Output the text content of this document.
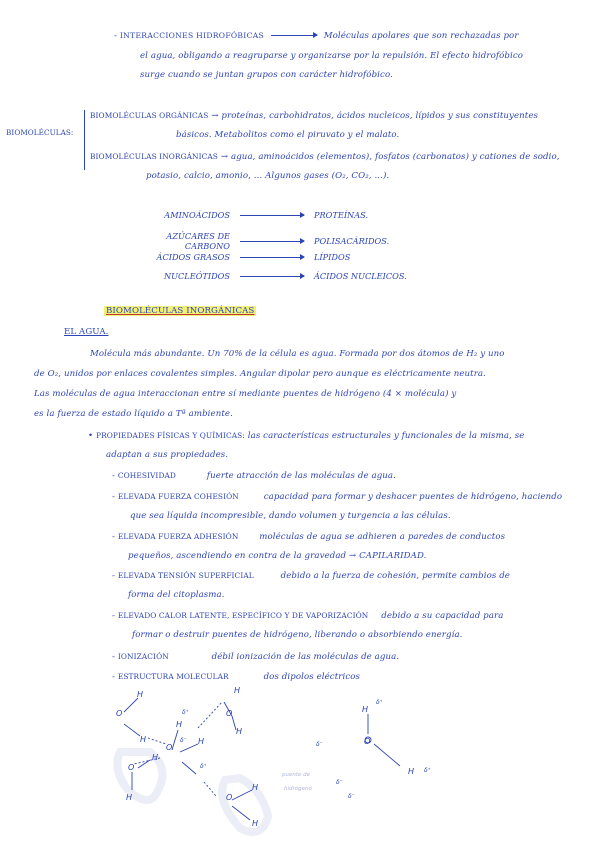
- INTERACCIONES HIDROFÓBICAS	Moléculas apolares que son rechazadas por
el agua, obligando a reagruparse y organizarse por la repulsión. El efecto hidrofóbico
surge cuando se juntan grupos con carácter hidrofóbico.
BIOMOLÉCULAS:
BIOMOLÉCULAS ORGÁNICAS → proteínas, carbohidratos, ácidos nucleicos, lípidos y sus constituyentes
básicos. Metabolitos como el piruvato y el malato.
BIOMOLÉCULAS INORGÁNICAS → agua, aminoácidos (elementos), fosfatos (carbonatos) y cationes de sodio,
potasio, calcio, amonio, ... Algunos gases (O₂, CO₂, ...).
AMINOÁCIDOS	PROTEÍNAS.
AZÚCARES DE CARBONO	POLISACÁRIDOS.
ÁCIDOS GRASOS	LÍPIDOS
NUCLEÓTIDOS	ÁCIDOS NUCLEICOS.
BIOMOLÉCULAS INORGÁNICAS
EL AGUA.
Molécula más abundante. Un 70% de la célula es agua. Formada por dos átomos de H₂ y uno
de O₂, unidos por enlaces covalentes simples. Angular dipolar pero aunque es eléctricamente neutra.
Las moléculas de agua interaccionan entre sí mediante puentes de hidrógeno (4 × molécula) y
es la fuerza de estado líquido a Tª ambiente.
• PROPIEDADES FÍSICAS Y QUÍMICAS: las características estructurales y funcionales de la misma, se
adaptan a sus propiedades.
- COHESIVIDAD	fuerte atracción de las moléculas de agua.
- ELEVADA FUERZA COHESIÓN	capacidad para formar y deshacer puentes de hidrógeno, haciendo
que sea líquida incompresible, dando volumen y turgencia a las células.
- ELEVADA FUERZA ADHESIÓN moléculas de agua se adhieren a paredes de conductos
pequeños, ascendiendo en contra de la gravedad → CAPILARIDAD.
- ELEVADA TENSIÓN SUPERFICIAL	debido a la fuerza de cohesión, permite cambios de
forma del citoplasma.
- ELEVADO CALOR LATENTE, ESPECÍFICO Y DE VAPORIZACIÓN debido a su capacidad para
formar o destruir puentes de hidrógeno, liberando o absorbiendo energía.
- IONIZACIÓN	débil ionización de las moléculas de agua.
- ESTRUCTURA MOLECULAR	dos dipolos eléctricos
H
O
H
O
H
H
H
O
H
H
O
H	O
H
H
H
O
H
δ⁺
δ⁻
δ⁺
δ⁺
δ⁻
δ⁺
δ⁻
δ⁻
puente de
hidrógeno
